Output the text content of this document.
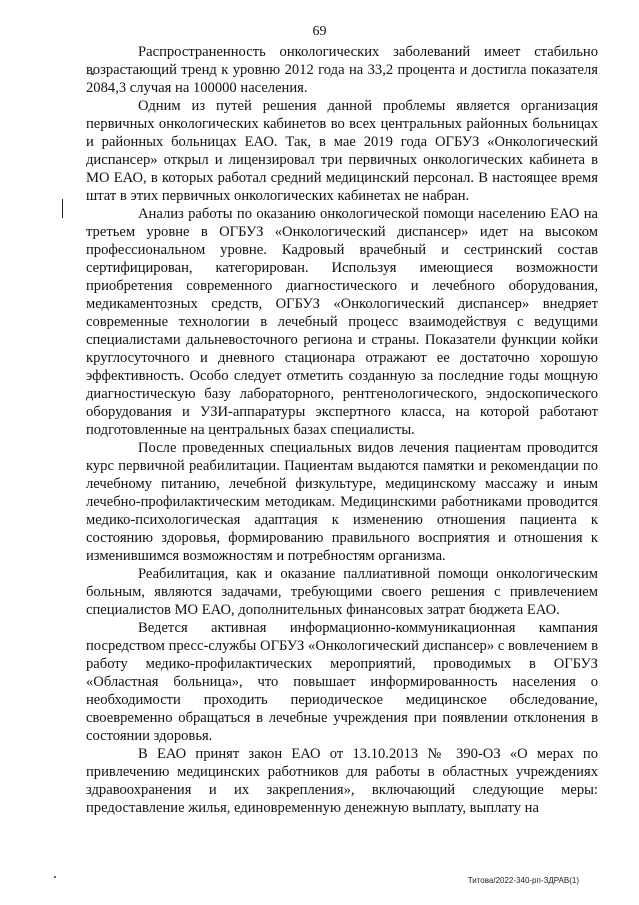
69

Распространенность онкологических заболеваний имеет стабильно возрастающий тренд к уровню 2012 года на 33,2 процента и достигла показателя 2084,3 случая на 100000 населения.

Одним из путей решения данной проблемы является организация первичных онкологических кабинетов во всех центральных районных больницах и районных больницах ЕАО. Так, в мае 2019 года ОГБУЗ «Онкологический диспансер» открыл и лицензировал три первичных онкологических кабинета в МО ЕАО, в которых работал средний медицинский персонал. В настоящее время штат в этих первичных онкологических кабинетах не набран.

Анализ работы по оказанию онкологической помощи населению ЕАО на третьем уровне в ОГБУЗ «Онкологический диспансер» идет на высоком профессиональном уровне. Кадровый врачебный и сестринский состав сертифицирован, категорирован. Используя имеющиеся возможности приобретения современного диагностического и лечебного оборудования, медикаментозных средств, ОГБУЗ «Онкологический диспансер» внедряет современные технологии в лечебный процесс взаимодействуя с ведущими специалистами дальневосточного региона и страны. Показатели функции койки круглосуточного и дневного стационара отражают ее достаточно хорошую эффективность. Особо следует отметить созданную за последние годы мощную диагностическую базу лабораторного, рентгенологического, эндоскопического оборудования и УЗИ-аппаратуры экспертного класса, на которой работают подготовленные на центральных базах специалисты.

После проведенных специальных видов лечения пациентам проводится курс первичной реабилитации. Пациентам выдаются памятки и рекомендации по лечебному питанию, лечебной физкультуре, медицинскому массажу и иным лечебно-профилактическим методикам. Медицинскими работниками проводится медико-психологическая адаптация к изменению отношения пациента к состоянию здоровья, формированию правильного восприятия и отношения к изменившимся возможностям и потребностям организма.

Реабилитация, как и оказание паллиативной помощи онкологическим больным, являются задачами, требующими своего решения с привлечением специалистов МО ЕАО, дополнительных финансовых затрат бюджета ЕАО.

Ведется активная информационно-коммуникационная кампания посредством пресс-службы ОГБУЗ «Онкологический диспансер» с вовлечением в работу медико-профилактических мероприятий, проводимых в ОГБУЗ «Областная больница», что повышает информированность населения о необходимости проходить периодическое медицинское обследование, своевременно обращаться в лечебные учреждения при появлении отклонения в состоянии здоровья.

В ЕАО принят закон ЕАО от 13.10.2013 № 390-ОЗ «О мерах по привлечению медицинских работников для работы в областных учреждениях здравоохранения и их закрепления», включающий следующие меры: предоставление жилья, единовременную денежную выплату, выплату на

Титова/2022-340-рп-ЗДРАВ(1)
